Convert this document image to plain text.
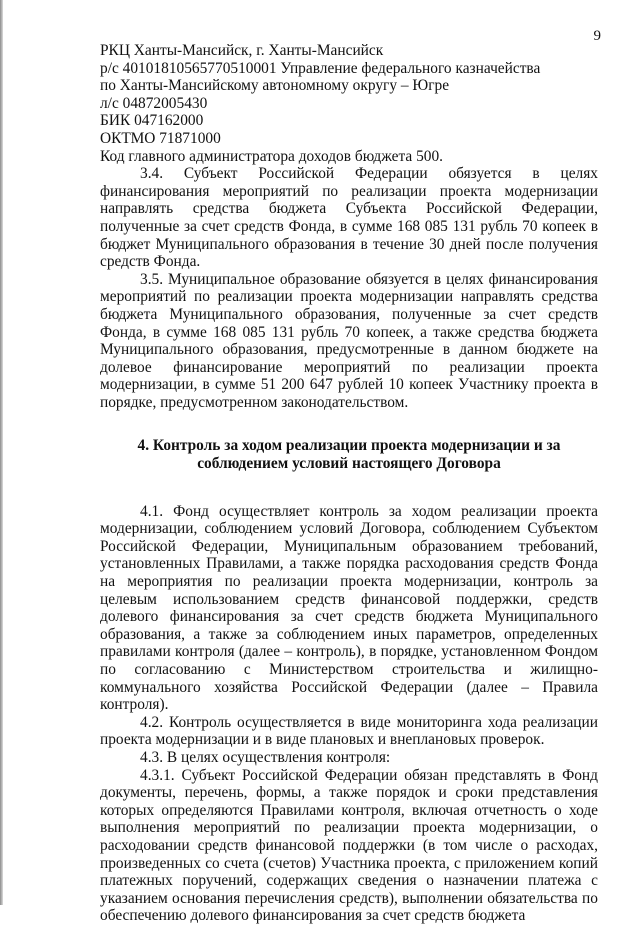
9

РКЦ Ханты-Мансийск, г. Ханты-Мансийск

р/с 40101810565770510001 Управление федерального казначейства

по Ханты-Мансийскому автономному округу – Югре

л/с 04872005430

БИК 047162000

ОКТМО 71871000

Код главного администратора доходов бюджета 500.

3.4. Субъект Российской Федерации обязуется в целях финансирования мероприятий по реализации проекта модернизации направлять средства бюджета Субъекта Российской Федерации, полученные за счет средств Фонда, в сумме 168 085 131 рубль 70 копеек в бюджет Муниципального образования в течение 30 дней после получения средств Фонда.

3.5. Муниципальное образование обязуется в целях финансирования мероприятий по реализации проекта модернизации направлять средства бюджета Муниципального образования, полученные за счет средств Фонда, в сумме 168 085 131 рубль 70 копеек, а также средства бюджета Муниципального образования, предусмотренные в данном бюджете на долевое финансирование мероприятий по реализации проекта модернизации, в сумме 51 200 647 рублей 10 копеек Участнику проекта в порядке, предусмотренном законодательством.

4. Контроль за ходом реализации проекта модернизации и за соблюдением условий настоящего Договора

4.1. Фонд осуществляет контроль за ходом реализации проекта модернизации, соблюдением условий Договора, соблюдением Субъектом Российской Федерации, Муниципальным образованием требований, установленных Правилами, а также порядка расходования средств Фонда на мероприятия по реализации проекта модернизации, контроль за целевым использованием средств финансовой поддержки, средств долевого финансирования за счет средств бюджета Муниципального образования, а также за соблюдением иных параметров, определенных правилами контроля (далее – контроль), в порядке, установленном Фондом по согласованию с Министерством строительства и жилищно-коммунального хозяйства Российской Федерации (далее – Правила контроля).

4.2. Контроль осуществляется в виде мониторинга хода реализации проекта модернизации и в виде плановых и внеплановых проверок.

4.3. В целях осуществления контроля:

4.3.1. Субъект Российской Федерации обязан представлять в Фонд документы, перечень, формы, а также порядок и сроки представления которых определяются Правилами контроля, включая отчетность о ходе выполнения мероприятий по реализации проекта модернизации, о расходовании средств финансовой поддержки (в том числе о расходах, произведенных со счета (счетов) Участника проекта, с приложением копий платежных поручений, содержащих сведения о назначении платежа с указанием основания перечисления средств), выполнении обязательства по обеспечению долевого финансирования за счет средств бюджета
